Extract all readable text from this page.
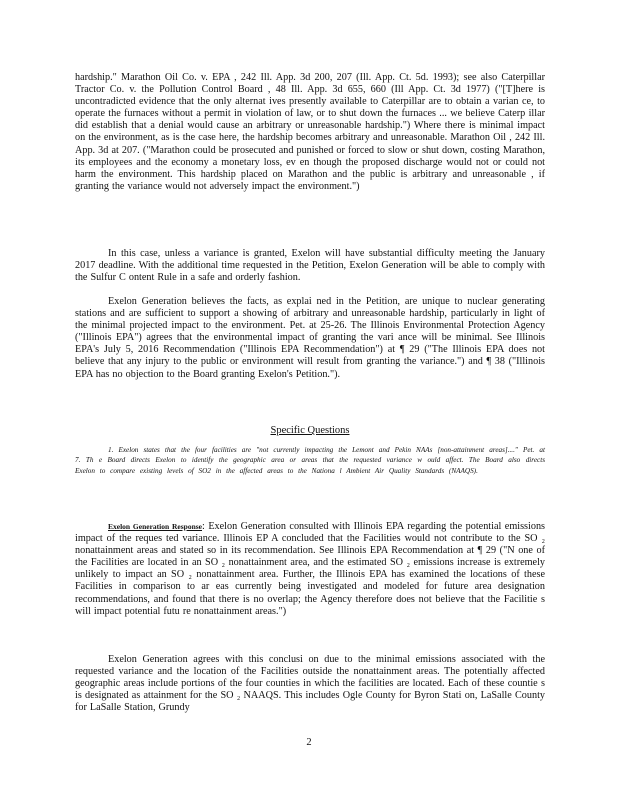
hardship." Marathon Oil Co. v. EPA , 242 Ill. App. 3d 200, 207 (Ill. App. Ct. 5d. 1993); see also Caterpillar Tractor Co. v. the Pollution Control Board , 48 Ill. App. 3d 655, 660 (Ill App. Ct. 3d 1977) ("[T]here is uncontradicted evidence that the only alternat ives presently available to Caterpillar are to obtain a varian ce, to operate the furnaces without a permit in violation of law, or to shut down the furnaces ... we believe Caterp illar did establish that a denial would cause an arbitrary or unreasonable hardship.") Where there is minimal impact on the environment, as is the case here, the hardship becomes arbitrary and unreasonable. Marathon Oil , 242 Ill. App. 3d at 207. ("Marathon could be prosecuted and punished or forced to slow or shut down, costing Marathon, its employees and the economy a monetary loss, ev en though the proposed discharge would not or could not harm the environment. This hardship placed on Marathon and the public is arbitrary and unreasonable , if granting the variance would not adversely impact the environment.")

In this case, unless a variance is granted, Exelon will have substantial difficulty meeting the January 2017 deadline. With the additional time requested in the Petition, Exelon Generation will be able to comply with the Sulfur C ontent Rule in a safe and orderly fashion.

Exelon Generation believes the facts, as explai ned in the Petition, are unique to nuclear generating stations and are sufficient to support a showing of arbitrary and unreasonable hardship, particularly in light of the minimal projected impact to the environment. Pet. at 25-26. The Illinois Environmental Protection Agency ("Illinois EPA") agrees that the environmental impact of granting the vari ance will be minimal. See Illinois EPA's July 5, 2016 Recommendation ("Illinois EPA Recommendation") at ¶ 29 ("The Illinois EPA does not believe that any injury to the public or environment will result from granting the variance.") and ¶ 38 ("Illinois EPA has no objection to the Board granting Exelon's Petition.").

Specific Questions

1. Exelon states that the four facilities are "not currently impacting the Lemont and Pekin NAAs [non-attainment areas]...." Pet. at 7. Th e Board directs Exelon to identify the geographic area or areas that the requested variance w ould affect. The Board also directs Exelon to compare existing levels of SO2 in the affected areas to the Nationa l Ambient Air Quality Standards (NAAQS).

Exelon Generation Response: Exelon Generation consulted with Illinois EPA regarding the potential emissions impact of the reques ted variance. Illinois EP A concluded that the Facilities would not contribute to the SO ₂ nonattainment areas and stated so in its recommendation. See Illinois EPA Recommendation at ¶ 29 ("N one of the Facilities are located in an SO ₂ nonattainment area, and the estimated SO ₂ emissions increase is extremely unlikely to impact an SO ₂ nonattainment area. Further, the Illinois EPA has examined the locations of these Facilities in comparison to ar eas currently being investigated and modeled for future area designation recommendations, and found that there is no overlap; the Agency therefore does not believe that the Facilitie s will impact potential futu re nonattainment areas.")

Exelon Generation agrees with this conclusi on due to the minimal emissions associated with the requested variance and the location of the Facilities outside the nonattainment areas. The potentially affected geographic areas include portions of the four counties in which the facilities are located. Each of these countie s is designated as attainment for the SO ₂ NAAQS. This includes Ogle County for Byron Stati on, LaSalle County for LaSalle Station, Grundy

2
